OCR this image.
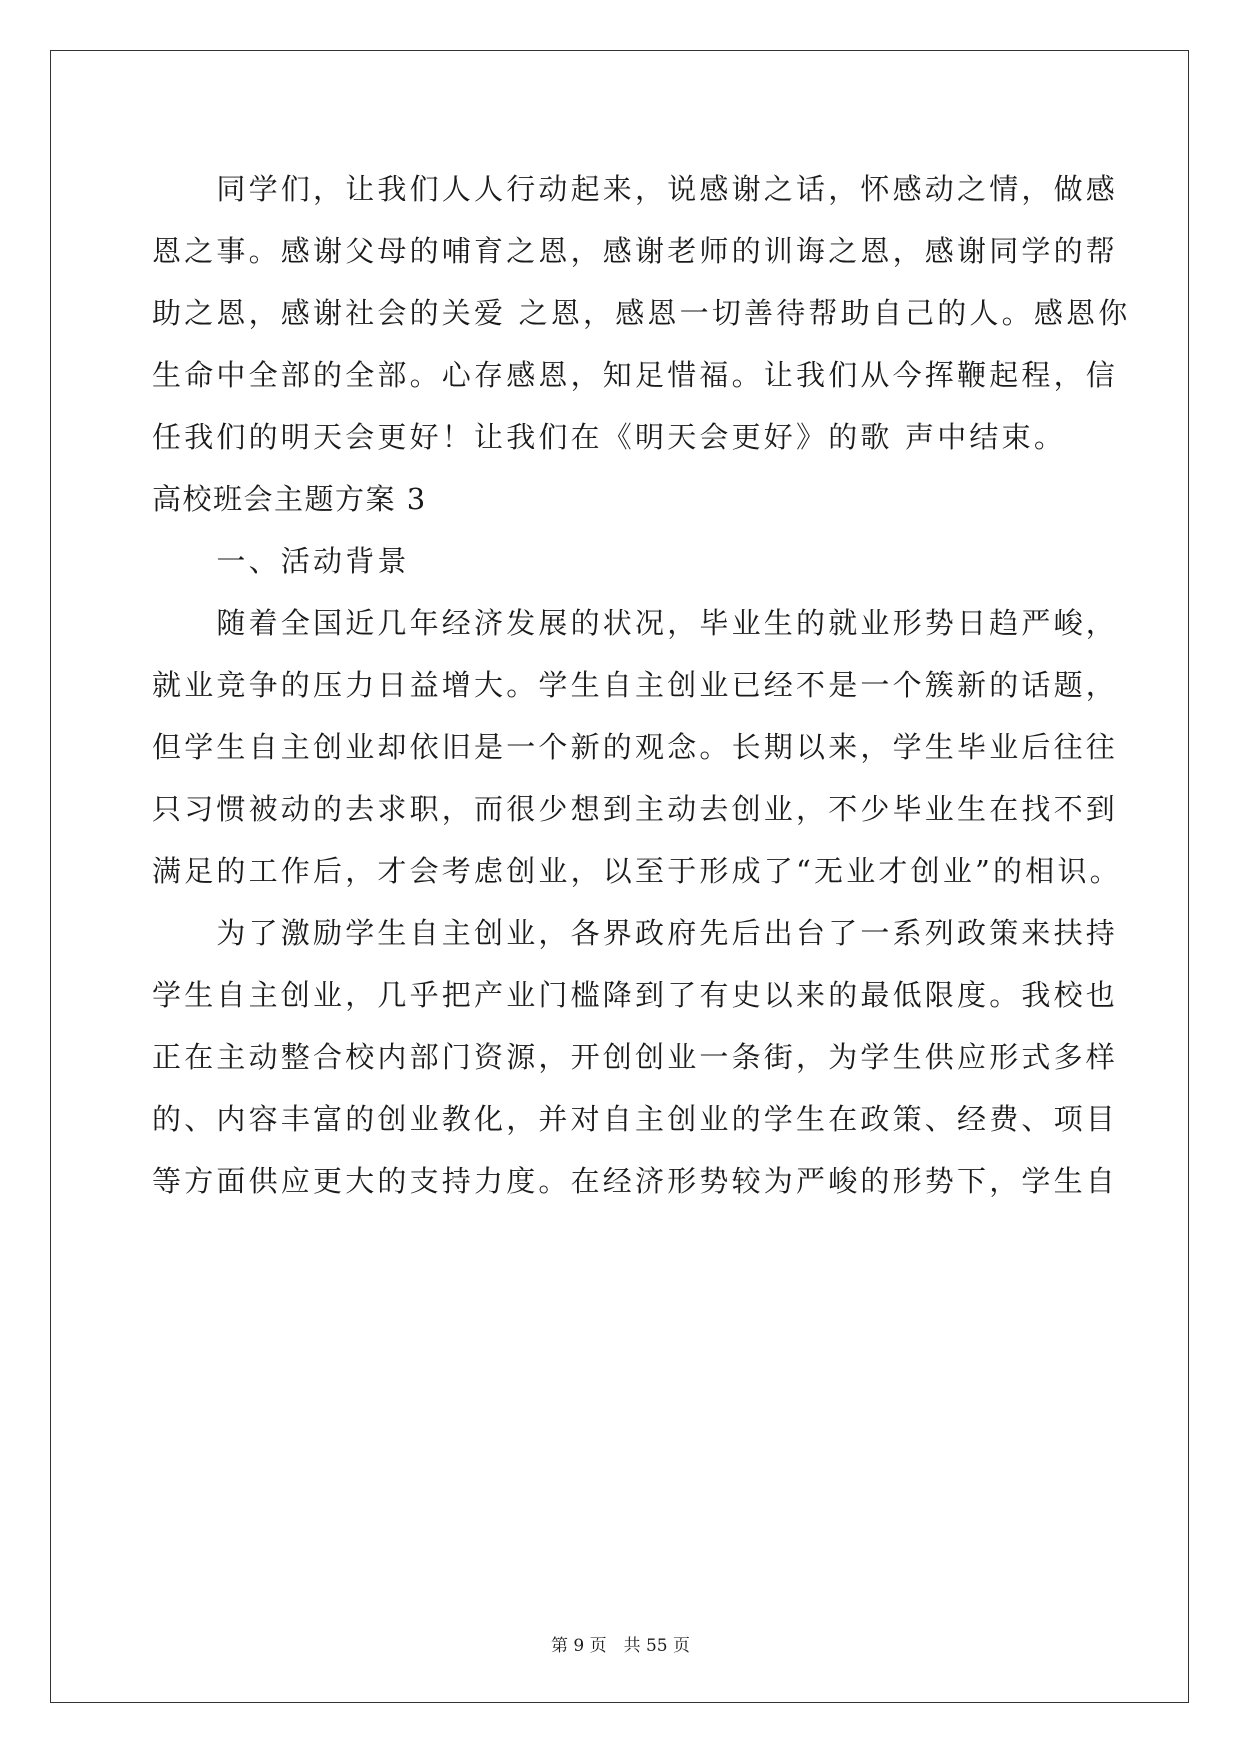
　　同学们，让我们人人行动起来，说感谢之话，怀感动之情，做感
恩之事。感谢父母的哺育之恩，感谢老师的训诲之恩，感谢同学的帮
助之恩，感谢社会的关爱 之恩，感恩一切善待帮助自己的人。感恩你
生命中全部的全部。心存感恩，知足惜福。让我们从今挥鞭起程，信
任我们的明天会更好！让我们在《明天会更好》的歌 声中结束。
高校班会主题方案 3
　　一、活动背景
　　随着全国近几年经济发展的状况，毕业生的就业形势日趋严峻，
就业竞争的压力日益增大。学生自主创业已经不是一个簇新的话题，
但学生自主创业却依旧是一个新的观念。长期以来，学生毕业后往往
只习惯被动的去求职，而很少想到主动去创业，不少毕业生在找不到
满足的工作后，才会考虑创业，以至于形成了“无业才创业”的相识。
　　为了激励学生自主创业，各界政府先后出台了一系列政策来扶持
学生自主创业，几乎把产业门槛降到了有史以来的最低限度。我校也
正在主动整合校内部门资源，开创创业一条街，为学生供应形式多样
的、内容丰富的创业教化，并对自主创业的学生在政策、经费、项目
等方面供应更大的支持力度。在经济形势较为严峻的形势下，学生自
第 9 页　共 55 页
